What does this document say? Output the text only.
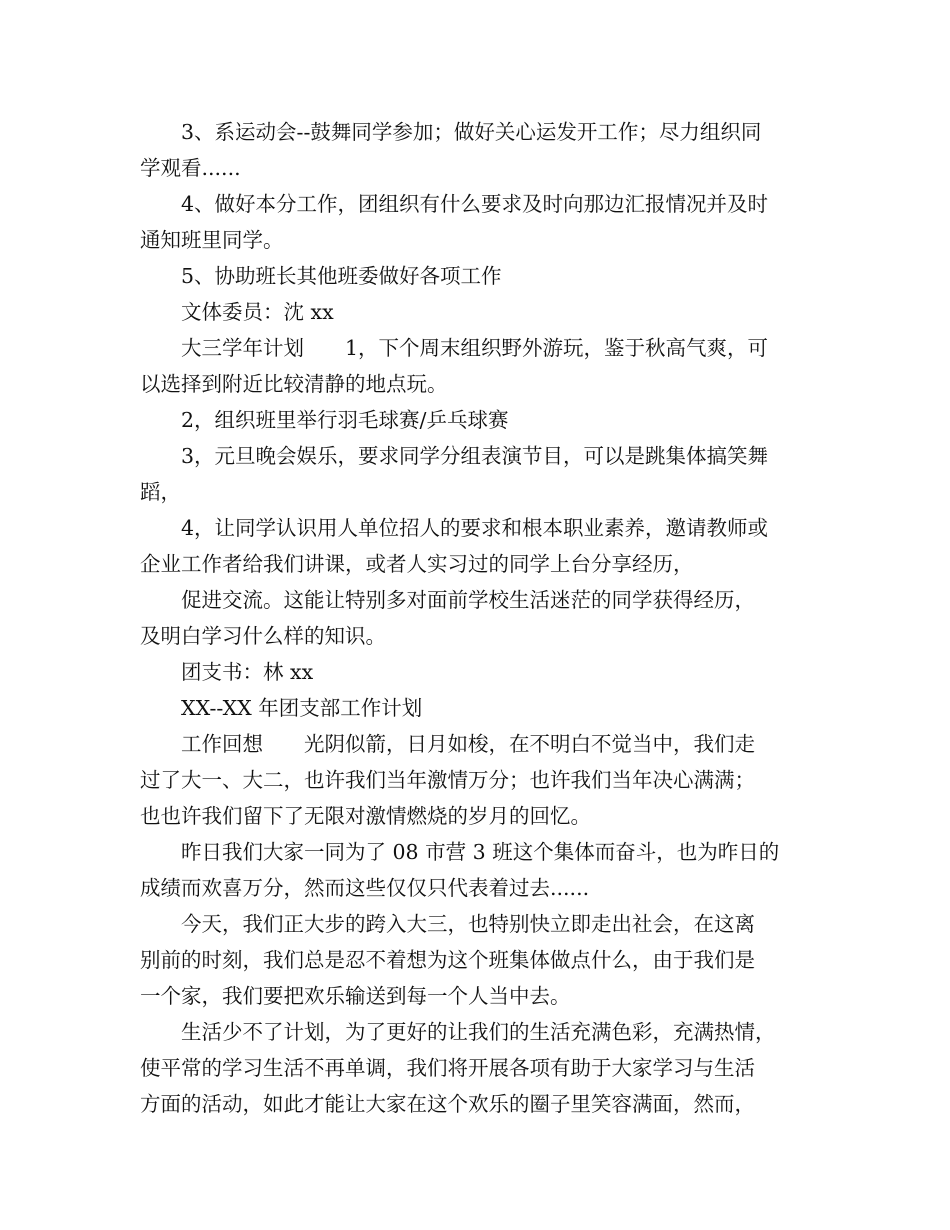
3、系运动会--鼓舞同学参加；做好关心运发开工作；尽力组织同
学观看......

4、做好本分工作，团组织有什么要求及时向那边汇报情况并及时
通知班里同学。

5、协助班长其他班委做好各项工作

文体委员：沈 xx

大三学年计划　　1，下个周末组织野外游玩，鉴于秋高气爽，可
以选择到附近比较清静的地点玩。

2，组织班里举行羽毛球赛/乒乓球赛

3，元旦晚会娱乐，要求同学分组表演节目，可以是跳集体搞笑舞
蹈，

4，让同学认识用人单位招人的要求和根本职业素养，邀请教师或
企业工作者给我们讲课，或者人实习过的同学上台分享经历，

促进交流。这能让特别多对面前学校生活迷茫的同学获得经历，
及明白学习什么样的知识。

团支书：林 xx

XX--XX 年团支部工作计划

工作回想　　光阴似箭，日月如梭，在不明白不觉当中，我们走
过了大一、大二，也许我们当年激情万分；也许我们当年决心满满；
也也许我们留下了无限对激情燃烧的岁月的回忆。

昨日我们大家一同为了 08 市营 3 班这个集体而奋斗，也为昨日的
成绩而欢喜万分，然而这些仅仅只代表着过去......

今天，我们正大步的跨入大三，也特别快立即走出社会，在这离
别前的时刻，我们总是忍不着想为这个班集体做点什么，由于我们是
一个家，我们要把欢乐输送到每一个人当中去。

生活少不了计划，为了更好的让我们的生活充满色彩，充满热情，
使平常的学习生活不再单调，我们将开展各项有助于大家学习与生活
方面的活动，如此才能让大家在这个欢乐的圈子里笑容满面，然而，
